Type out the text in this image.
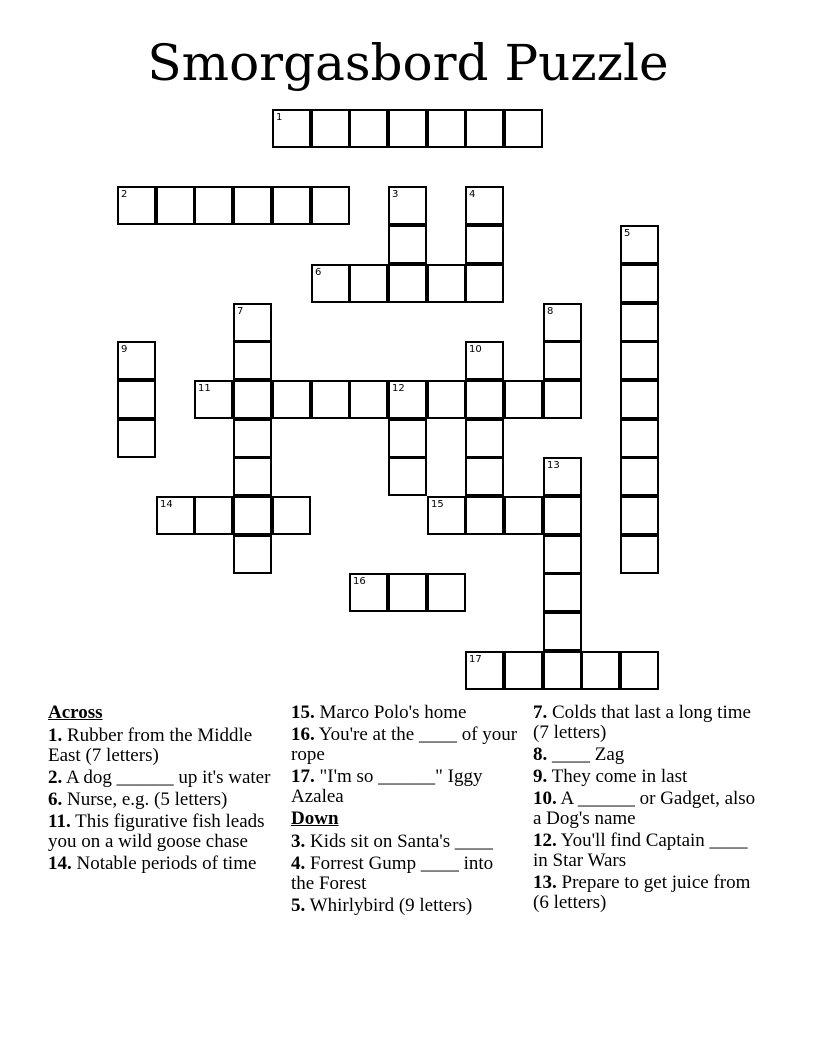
Smorgasbord Puzzle
1
2	3	4
5
6
7	8
9	10
11	12
13
14	15
16
17
Across
1. Rubber from the Middle East (7 letters)
2. A dog ______ up it's water
6. Nurse, e.g. (5 letters)
11. This figurative fish leads you on a wild goose chase
14. Notable periods of time
15. Marco Polo's home
16. You're at the ____ of your rope
17. "I'm so ______" Iggy Azalea
Down
3. Kids sit on Santa's ____
4. Forrest Gump ____ into the Forest
5. Whirlybird (9 letters)
7. Colds that last a long time (7 letters)
8. ____ Zag
9. They come in last
10. A ______ or Gadget, also a Dog's name
12. You'll find Captain ____ in Star Wars
13. Prepare to get juice from (6 letters)
